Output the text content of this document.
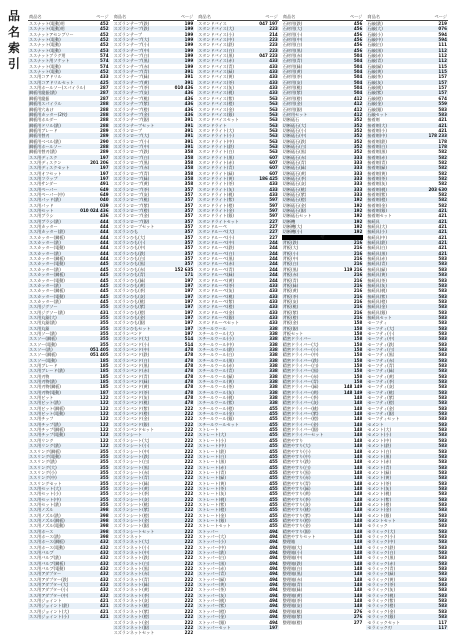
品
名
索
引
商品名	ページ
ススナット(電動)用	452
ススナット(電動)用	452
ススナットアセンブリー	452
ススナット(電動)	452
ススナット(電動)	452
ススナット(電動)	453
ススナットブラグ用	574
ススナット用ソケット	574
ススナット(電動)	574
ススナット(電動)	452
スス用コアドリル	433
スス用コアドリルセット	425
スス用ホールソー(スパイラル)	287
鋼板用縦振(鉄)	287
鋼板用縦振	287
鋼板用スパイラル	288
鋼板用穴あけ	288
鋼板用カッター(2枚)	288
鋼板用ホルダー	288
鋼板用ドリル(鉄)	288
鋼板用ブレード	289
鋼板用替刃	289
鋼板用ベベル(鉄)	290
鋼板用ホールソー	288
鋼板用替刃(鉄)	289
スス用ディスク	197
スス用ディスクン	201 206
スス用ディスクセット	197
スス用オフセット	197
スス用フラップ	197
スス用サンダー	491
スス用ペーパー	649
スス用ペーパー(中)	649
スス用パッド(鉄)	040
スス用パッド	039
スス用セット	010 024 436
スス用ブラシ	436
スス用ブラシ(鉄)	444
スス用カッター	444
スス用カッター(鉄)	444
ススカッター(鋼板)	444
ススカッター(鉄)	444
ススカッター(電動)	444
ススカッター(鉄)	444
ススカッター(鋼板)	444
ススカッター(電動)	445
ススカッター(鉄)	445
ススカッター(鋼板)	445
ススカッター(電動)	445
ススカッター(鉄)	445
ススカッター(鋼板)	445
ススカッター(電動)	445
ススカッター(鉄)	445
スス用ジグソー	355
スス用ジグソー(鉄)	431
スス用丸鋸(大)	355
スス用丸鋸(鉄)	355
スス用丸鋸	355
スス用ソー(鉄)	355
ススソー(鋼板)	355
ススソー(電動)	355
ススソー(鉄)	051 405
ススソー(鋼板)	051 405
ススソー(電動)	185
スス用ブレード	185
スス用ブレード(鉄)	185
スス用刃物	185
スス用刃物(鉄)	185
スス用刃物(鋼板)	185
スス用刃物(電動)	187
スス用ビット	122
スス用ビット(鉄)	122
スス用ビット(鋼板)	122
スス用ビット(電動)	122
スス用チップ	122
スス用チップ(鉄)	122
スス用チップ(鋼板)	122
スス用チップ(電動)	122
スス用リング	122
スス用リング(鉄)	122
ススリング(鋼板)	355
ススリング(電動)	355
ススリング(鉄)	355
ススリング(大)	355
ススリング(小)	355
ススリング(中)	355
ススリングセット	355
スス用セット(大)	355
スス用セット(小)	355
スス用セット(中)	355
スス用セット(鉄)	355
スス用ノズル	398
スス用ノズル(鉄)	398
スス用ノズル(鋼板)	398
スス用ノズル(電動)	398
スス用ホース	398
スス用ホース(鉄)	398
スス用ホース(鋼板)	432
スス用ホース(電動)	432
スス用バルブ	432
スス用バルブ(鉄)	432
スス用バルブ(鋼板)	432
スス用バルブ(電動)	432
スス用アダプター	432
スス用アダプター(鉄)	432
スス用アダプター(大)	432
スス用アダプター(小)	432
スス用アダプター(中)	432
スス用ジョイント	421
スス用ジョイント(鉄)	421
スス用ジョイント(大)	421
スス用ジョイント(小)	421
商品名	ページ
スズランテープ(鉄)	199
スズランテープ(鉄)	199
スズランテープ	199
スズランテープ(大)	199
スズランテープ(小)	199
スズランテープ(中)	199
スズランテープ(白)	199
スズランテープ(黒)	199
スズランテープ(赤)	199
スズランテープ(青)	391
スズランテープ(緑)	391
スズランテープ(黄)	391
スズランテープ(茶)	010 436
スズランテープ(灰)	436
スズランテープ(桃)	436
スズランテープ(紫)	436
スズランテープ(橙)	436
スズランテープ(金)	436
スズランテープ(銀)	391
スズランテープセット	391
スズランロープ	391
スズランロープ(大)	391
スズランロープ(小)	391
スズランロープ(中)	391
スズランロープ(鉄)	358
スズランロープ(白)	358
スズランロープ(黒)	358
スズランロープ(赤)	358
スズランロープ(青)	358
スズランロープ(緑)	358
スズランロープ(黄)	358
スズランロープ(茶)	357
スズランロープ(灰)	357
スズランロープ(桃)	357
スズランロープ(紫)	357
スズランロープ(橙)	357
スズランロープ(金)	357
スズランロープ(銀)	357
スズランロープセット	357
スズランひも	357
スズランひも(大)	357
スズランひも(小)	357
スズランひも(中)	357
スズランひも(鉄)	357
スズランひも(白)	357
スズランひも(黒)	357
スズランひも(赤)	152 635
スズランひも(青)	171
スズランひも(緑)	197
スズランひも(黄)	197
スズランひも(茶)	197
スズランひも(灰)	197
スズランひも(桃)	197
スズランひも(紫)	197
スズランひも(橙)	197
スズランひも(金)	197
スズランひも(銀)	197
スズランひもセット	197
スズランバンド	197
スズランバンド(大)	514
スズランバンド(小)	514
スズランバンド(中)	478
スズランバンド(鉄)	478
スズランバンド(白)	478
スズランバンド(黒)	478
スズランバンド(赤)	478
スズランバンド(青)	478
スズランバンド(緑)	478
スズランバンド(黄)	478
スズランバンド(茶)	478
スズランバンド(灰)	478
スズランバンド(桃)	478
スズランバンド(紫)	222
スズランバンド(橙)	222
スズランバンド(金)	222
スズランバンド(銀)	222
スズランバンドセット	222
スズランシート	222
スズランシート(大)	222
スズランシート(小)	222
スズランシート(中)	222
スズランシート(鉄)	222
スズランシート(白)	222
スズランシート(黒)	222
スズランシート(赤)	222
スズランシート(青)	222
スズランシート(緑)	222
スズランシート(黄)	222
スズランシート(茶)	222
スズランシート(灰)	222
スズランシート(桃)	222
スズランシート(紫)	222
スズランシート(橙)	222
スズランシート(金)	222
スズランシート(銀)	222
スズランシートセット	222
スズランネット	222
スズランネット(大)	222
スズランネット(小)	222
スズランネット(中)	222
スズランネット(鉄)	222
スズランネット(白)	222
スズランネット(黒)	222
スズランネット(赤)	222
スズランネット(青)	222
スズランネット(緑)	222
スズランネット(黄)	222
スズランネット(茶)	222
スズランネット(灰)	222
スズランネット(桃)	222
スズランネット(紫)	222
スズランネット(橙)	222
スズランネット(金)	222
スズランネット(銀)	222
スズランネットセット	222
商品名	ページ
スタンドバイス	047 197
スタンドバイス(大)	223
スタンドバイス(小)	214
スタンドバイス(中)	223
スタンドバイス(鉄)	223
スタンドバイス(白)	223
スタンドバイス(黒)	047 223
スタンドバイス(赤)	433
スタンドバイス(青)	433
スタンドバイス(緑)	433
スタンドバイス(黄)	433
スタンドバイス(茶)	433
スタンドバイス(灰)	433
スタンドバイス(桃)	433
スタンドバイス(紫)	563
スタンドバイス(橙)	563
スタンドバイス(金)	563
スタンドバイス(銀)	563
スタンドバイスセット	563
スタンドライト	563
スタンドライト(大)	563
スタンドライト(小)	563
スタンドライト(中)	563
スタンドライト(鉄)	563
スタンドライト(白)	563
スタンドライト(黒)	607
スタンドライト(赤)	607
スタンドライト(青)	607
スタンドライト(緑)	607
スタンドライト(黄)	186 425
スタンドライト(茶)	433
スタンドライト(灰)	433
スタンドライト(桃)	433
スタンドライト(紫)	597
スタンドライト(橙)	597
スタンドライト(金)	597
スタンドライト(銀)	597
スタンドライトセット	227
スタンドルーペ	227
スタンドルーペ(大)	227
スタンドルーペ(小)	227
スタンドルーペ(中)	244
スタンドルーペ(鉄)	244
スタンドルーペ(白)	244
スタンドルーペ(黒)	244
スタンドルーペ(赤)	244
スタンドルーペ(青)	244
スタンドルーペ(緑)	244
スタンドルーペ(黄)	244
スタンドルーペ(茶)	433
スタンドルーペ(灰)	433
スタンドルーペ(桃)	433
スタンドルーペ(紫)	433
スタンドルーペ(橙)	433
スタンドルーペ(金)	433
スタンドルーペ(銀)	433
スタンドルーペセット	433
スチールウール	338
スチールウール(大)	338
スチールウール(小)	338
スチールウール(中)	338
スチールウール(鉄)	338
スチールウール(白)	338
スチールウール(黒)	338
スチールウール(赤)	338
スチールウール(青)	338
スチールウール(緑)	338
スチールウール(黄)	338
スチールウール(茶)	338
スチールウール(灰)	338
スチールウール(桃)	338
スチールウール(紫)	338
スチールウール(橙)	455
スチールウール(金)	455
スチールウール(銀)	455
スチールウールセット	455
ストレート	455
ストレート(大)	455
ストレート(小)	455
ストレート(中)	455
ストレート(鉄)	455
ストレート(白)	455
ストレート(黒)	455
ストレート(赤)	455
ストレート(青)	455
ストレート(緑)	455
ストレート(黄)	455
ストレート(茶)	455
ストレート(灰)	455
ストレート(桃)	455
ストレート(紫)	455
ストレート(橙)	455
ストレート(金)	455
ストレート(銀)	455
ストレートセット	455
ストッパー	494
ストッパー(大)	494
ストッパー(小)	494
ストッパー(中)	494
ストッパー(鉄)	494
ストッパー(白)	494
ストッパー(黒)	494
ストッパー(赤)	494
ストッパー(青)	494
ストッパー(緑)	494
ストッパー(黄)	494
ストッパー(茶)	494
ストッパー(灰)	494
ストッパー(桃)	494
ストッパー(紫)	494
ストッパー(橙)	494
ストッパー(金)	494
ストッパー(銀)	494
ストッパーセット	197
商品名	ページ
石材用(鉄)	456
石材用(大)	456
石材用(小)	456
石材用(中)	456
石材用(白)	456
石材用(黒)	456
石材用(赤)	504
石材用(青)	504
石材用(緑)	504
石材用(黄)	504
石材用(茶)	504
石材用(灰)	504
石材用(桃)	504
石材用(紫)	504
石材用(橙)	412
石材用(金)	412
石材用(銀)	412
石材用セット	412
切断砥石	352
切断砥石(大)	352
切断砥石(小)	352
切断砥石(中)	352
切断砥石(鉄)	352
切断砥石(白)	352
切断砥石(黒)	352
切断砥石(赤)	333
切断砥石(青)	333
切断砥石(緑)	333
切断砥石(黄)	333
切断砥石(茶)	333
切断砥石(灰)	333
切断砥石(桃)	333
切断砥石(紫)	333
切断砥石(橙)	192
切断砥石(金)	192
切断砥石(銀)	192
切断砥石セット	192
切断機	192
切断機(大)	192
切断機(小)	192
せ
背板(鉄)	216
背板(大)	216
背板(小)	216
背板(中)	216
背板(白)	216
背板(黒)	119 216
背板(赤)	216
背板(青)	216
背板(緑)	216
背板(黄)	216
背板(茶)	216
背板(灰)	216
背板(桃)	216
背板(紫)	216
背板(橙)	216
背板(金)	158
背板(銀)	158
背板セット	158
精密ドライバー	158
精密ドライバー(大)	158
精密ドライバー(小)	158
精密ドライバー(中)	158
精密ドライバー(鉄)	158
精密ドライバー(白)	158
精密ドライバー(黒)	158
精密ドライバー(赤)	158
精密ドライバー(青)	158
精密ドライバー(緑)	148 149
精密ドライバー(黄)	148 149
精密ドライバー(茶)	148
精密ドライバー(灰)	148
精密ドライバー(桃)	148
精密ドライバー(紫)	148
精密ドライバー(橙)	148
精密ドライバー(金)	148
精密ドライバー(銀)	148
精密ドライバーセット	148
精密やすり	148
精密やすり(大)	148
精密やすり(小)	148
精密やすり(中)	148
精密やすり(鉄)	148
精密やすり(白)	148
精密やすり(黒)	148
精密やすり(赤)	148
精密やすり(青)	148
精密やすり(緑)	148
精密やすり(黄)	148
精密やすり(茶)	148
精密やすり(灰)	148
精密やすり(桃)	148
精密やすり(紫)	148
精密やすり(橙)	148
精密やすり(金)	148
精密やすり(銀)	148
精密やすりセット	148
整理箱	148
整理箱(大)	148
整理箱(小)	148
整理箱(中)	148
整理箱(鉄)	148
整理箱(白)	148
整理箱(黒)	148
整理箱(赤)	148
整理箱(青)	148
整理箱(緑)	148
整理箱(黄)	148
整理箱(茶)	148
整理箱(灰)	148
整理箱(桃)	276
整理箱(紫)	276
整理箱(橙)	277
商品名	ページ
石鹸(鉄)	219
石鹸(大)	076
石鹸(小)	594
石鹸(中)	594
石鹸(白)	111
石鹸(黒)	112
石鹸(赤)	112
石鹸(青)	112
石鹸(緑)	115
石鹸(黄)	115
石鹸(茶)	157
石鹸(灰)	157
石鹸(桃)	157
石鹸(紫)	157
石鹸(橙)	674
石鹸(金)	559
石鹸(銀)	583
石鹸セット	583
接着剤	421
接着剤(大)	421
接着剤(小)	421
接着剤(中)	178 233
接着剤(鉄)	178
接着剤(白)	178
接着剤(黒)	582
接着剤(赤)	582
接着剤(青)	582
接着剤(緑)	582
接着剤(黄)	582
接着剤(茶)	582
接着剤(灰)	582
接着剤(桃)	203 630
接着剤(紫)	582
接着剤(橙)	582
接着剤(金)	582
接着剤(銀)	421
接着剤セット	421
接続具	421
接続具(大)	421
接続具(小)	421
接続具(中)	421
接続具(鉄)	421
接続具(白)	421
接続具(黒)	421
接続具(赤)	583
接続具(青)	583
接続具(緑)	583
接続具(黄)	583
接続具(茶)	583
接続具(灰)	583
接続具(桃)	583
接続具(紫)	583
接続具(橙)	583
接続具(金)	583
接続具(銀)	583
接続具セット	583
セーフティ	583
セーフティ(大)	583
セーフティ(小)	583
セーフティ(中)	583
セーフティ(鉄)	583
セーフティ(白)	583
セーフティ(黒)	583
セーフティ(赤)	583
セーフティ(青)	583
セーフティ(緑)	583
セーフティ(黄)	583
セーフティ(茶)	583
セーフティ(灰)	583
セーフティ(桃)	583
セーフティ(紫)	583
セーフティ(橙)	583
セーフティ(金)	583
セーフティ(銀)	583
セーフティセット	583
セメント	583
セメント(大)	583
セメント(小)	583
セメント(中)	583
セメント(鉄)	583
セメント(白)	583
セメント(黒)	583
セメント(赤)	583
セメント(青)	583
セメント(緑)	583
セメント(黄)	583
セメント(茶)	583
セメント(灰)	583
セメント(桃)	583
セメント(紫)	583
セメント(橙)	583
セメント(金)	583
セメント(銀)	583
セメントセット	583
セラミック	583
セラミック(大)	583
セラミック(小)	583
セラミック(中)	583
セラミック(鉄)	583
セラミック(白)	583
セラミック(黒)	583
セラミック(赤)	583
セラミック(青)	583
セラミック(緑)	583
セラミック(黄)	583
セラミック(茶)	583
セラミック(灰)	583
セラミック(桃)	583
セラミック(紫)	583
セラミック(橙)	583
セラミック(金)	583
セラミック(銀)	583
セラミックセット	117
セラミック刃	117
